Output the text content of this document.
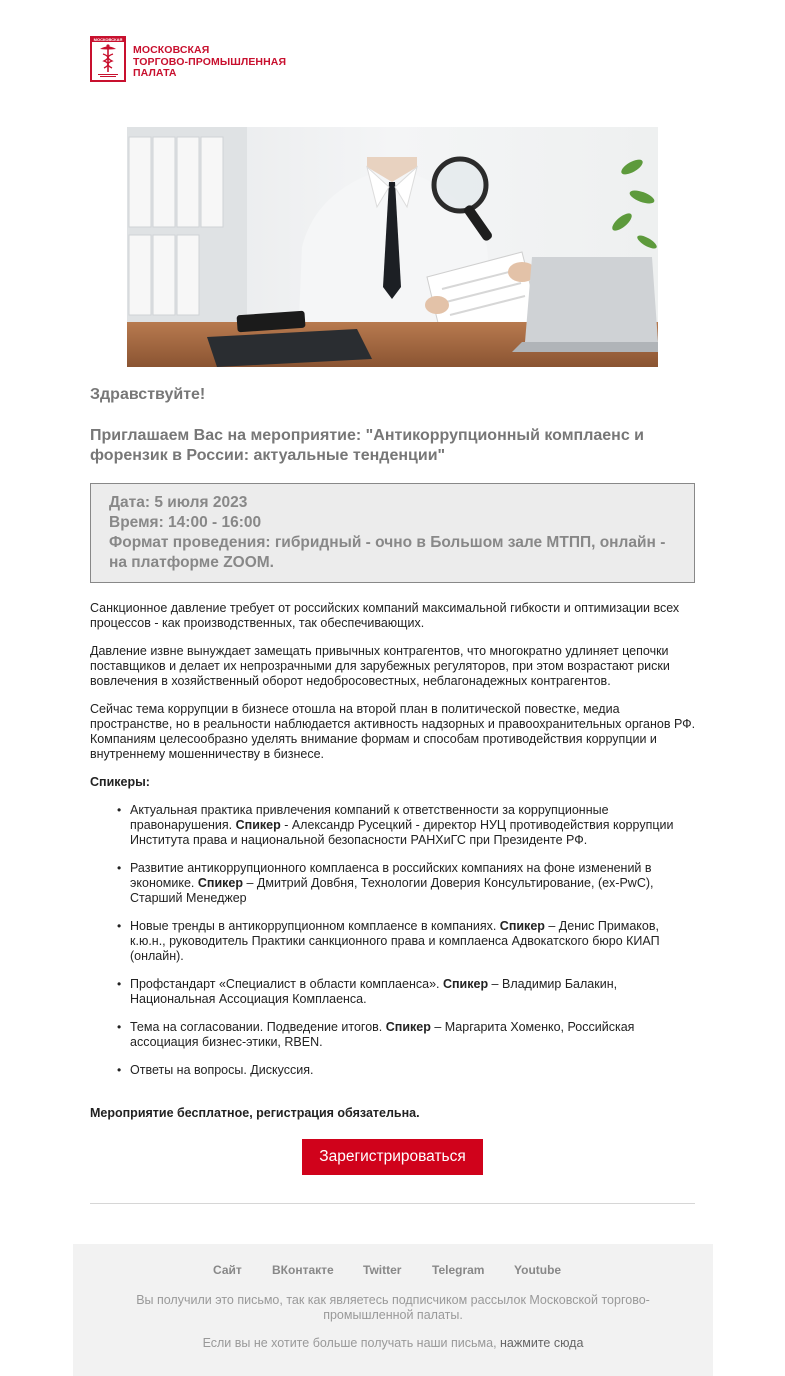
МОСКОВСКАЯ
МОСКОВСКАЯ
ТОРГОВО-ПРОМЫШЛЕННАЯ
ПАЛАТА
Здравствуйте!
Приглашаем Вас на мероприятие: "Антикоррупционный комплаенс и форензик в России: актуальные тенденции"
Дата: 5 июля 2023
Время: 14:00 - 16:00
Формат проведения: гибридный - очно в Большом зале МТПП, онлайн - на платформе ZOOM.
Санкционное давление требует от российских компаний максимальной гибкости и оптимизации всех процессов - как производственных, так обеспечивающих.
Давление извне вынуждает замещать привычных контрагентов, что многократно удлиняет цепочки поставщиков и делает их непрозрачными для зарубежных регуляторов, при этом возрастают риски вовлечения в хозяйственный оборот недобросовестных, неблагонадежных контрагентов.
Сейчас тема коррупции в бизнесе отошла на второй план в политической повестке, медиа пространстве, но в реальности наблюдается активность надзорных и правоохранительных органов РФ. Компаниям целесообразно уделять внимание формам и способам противодействия коррупции и внутреннему мошенничеству в бизнесе.
Спикеры:
• Актуальная практика привлечения компаний к ответственности за коррупционные правонарушения. Спикер - Александр Русецкий - директор НУЦ противодействия коррупции Института права и национальной безопасности РАНХиГС при Президенте РФ.
• Развитие антикоррупционного комплаенса в российских компаниях на фоне изменений в экономике. Спикер – Дмитрий Довбня, Технологии Доверия Консультирование, (ex-PwC), Старший Менеджер
• Новые тренды в антикоррупционном комплаенсе в компаниях. Спикер – Денис Примаков, к.ю.н., руководитель Практики санкционного права и комплаенса Адвокатского бюро КИАП (онлайн).
• Профстандарт «Специалист в области комплаенса». Спикер – Владимир Балакин, Национальная Ассоциация Комплаенса.
• Тема на согласовании. Подведение итогов. Спикер – Маргарита Хоменко, Российская ассоциация бизнес-этики, RBEN.
• Ответы на вопросы. Дискуссия.
Мероприятие бесплатное, регистрация обязательна.
Зарегистрироваться
Сайт	ВКонтакте Twitter	Telegram Youtube
Вы получили это письмо, так как являетесь подписчиком рассылок Московской торгово-промышленной палаты.
Если вы не хотите больше получать наши письма, нажмите сюда
